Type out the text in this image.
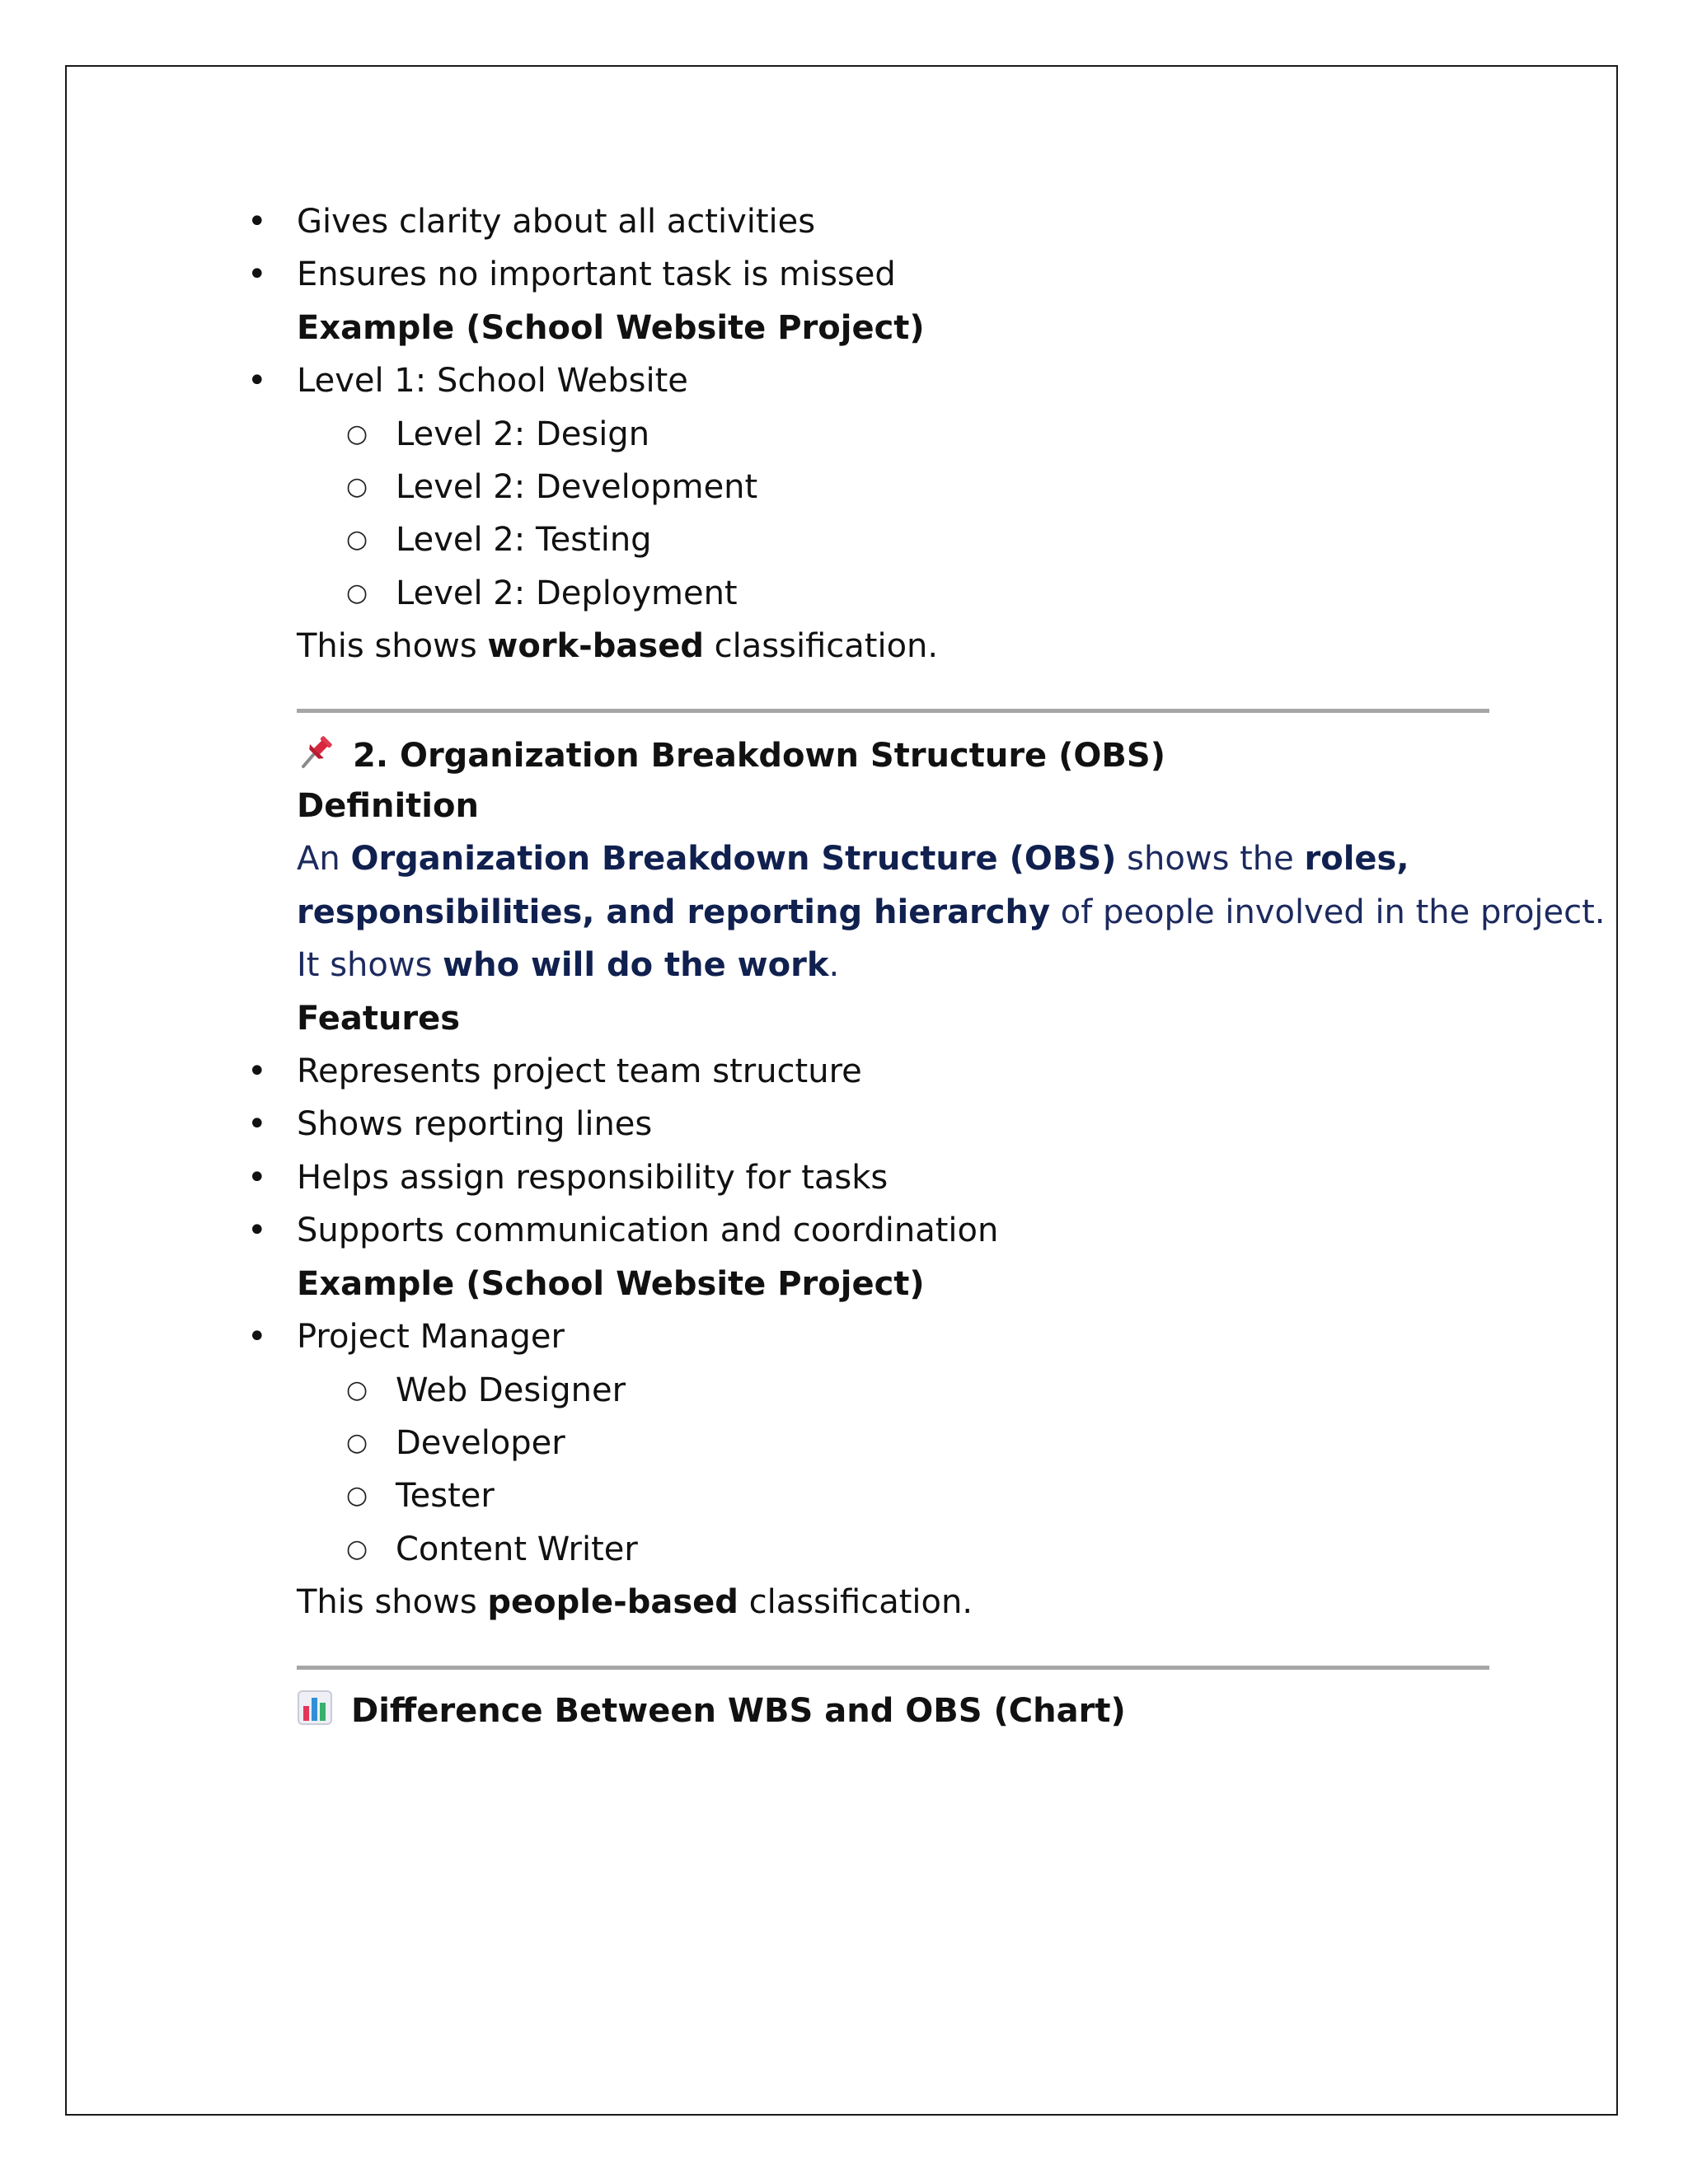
• Gives clarity about all activities
• Ensures no important task is missed
Example (School Website Project)
• Level 1: School Website
○ Level 2: Design
○ Level 2: Development
○ Level 2: Testing
○ Level 2: Deployment
This shows work-based classification.
2. Organization Breakdown Structure (OBS)
Definition
An Organization Breakdown Structure (OBS) shows the roles,
responsibilities, and reporting hierarchy of people involved in the project.
It shows who will do the work.
Features
• Represents project team structure
• Shows reporting lines
• Helps assign responsibility for tasks
• Supports communication and coordination
Example (School Website Project)
• Project Manager
○ Web Designer
○ Developer
○ Tester
○ Content Writer
This shows people-based classification.
Difference Between WBS and OBS (Chart)
